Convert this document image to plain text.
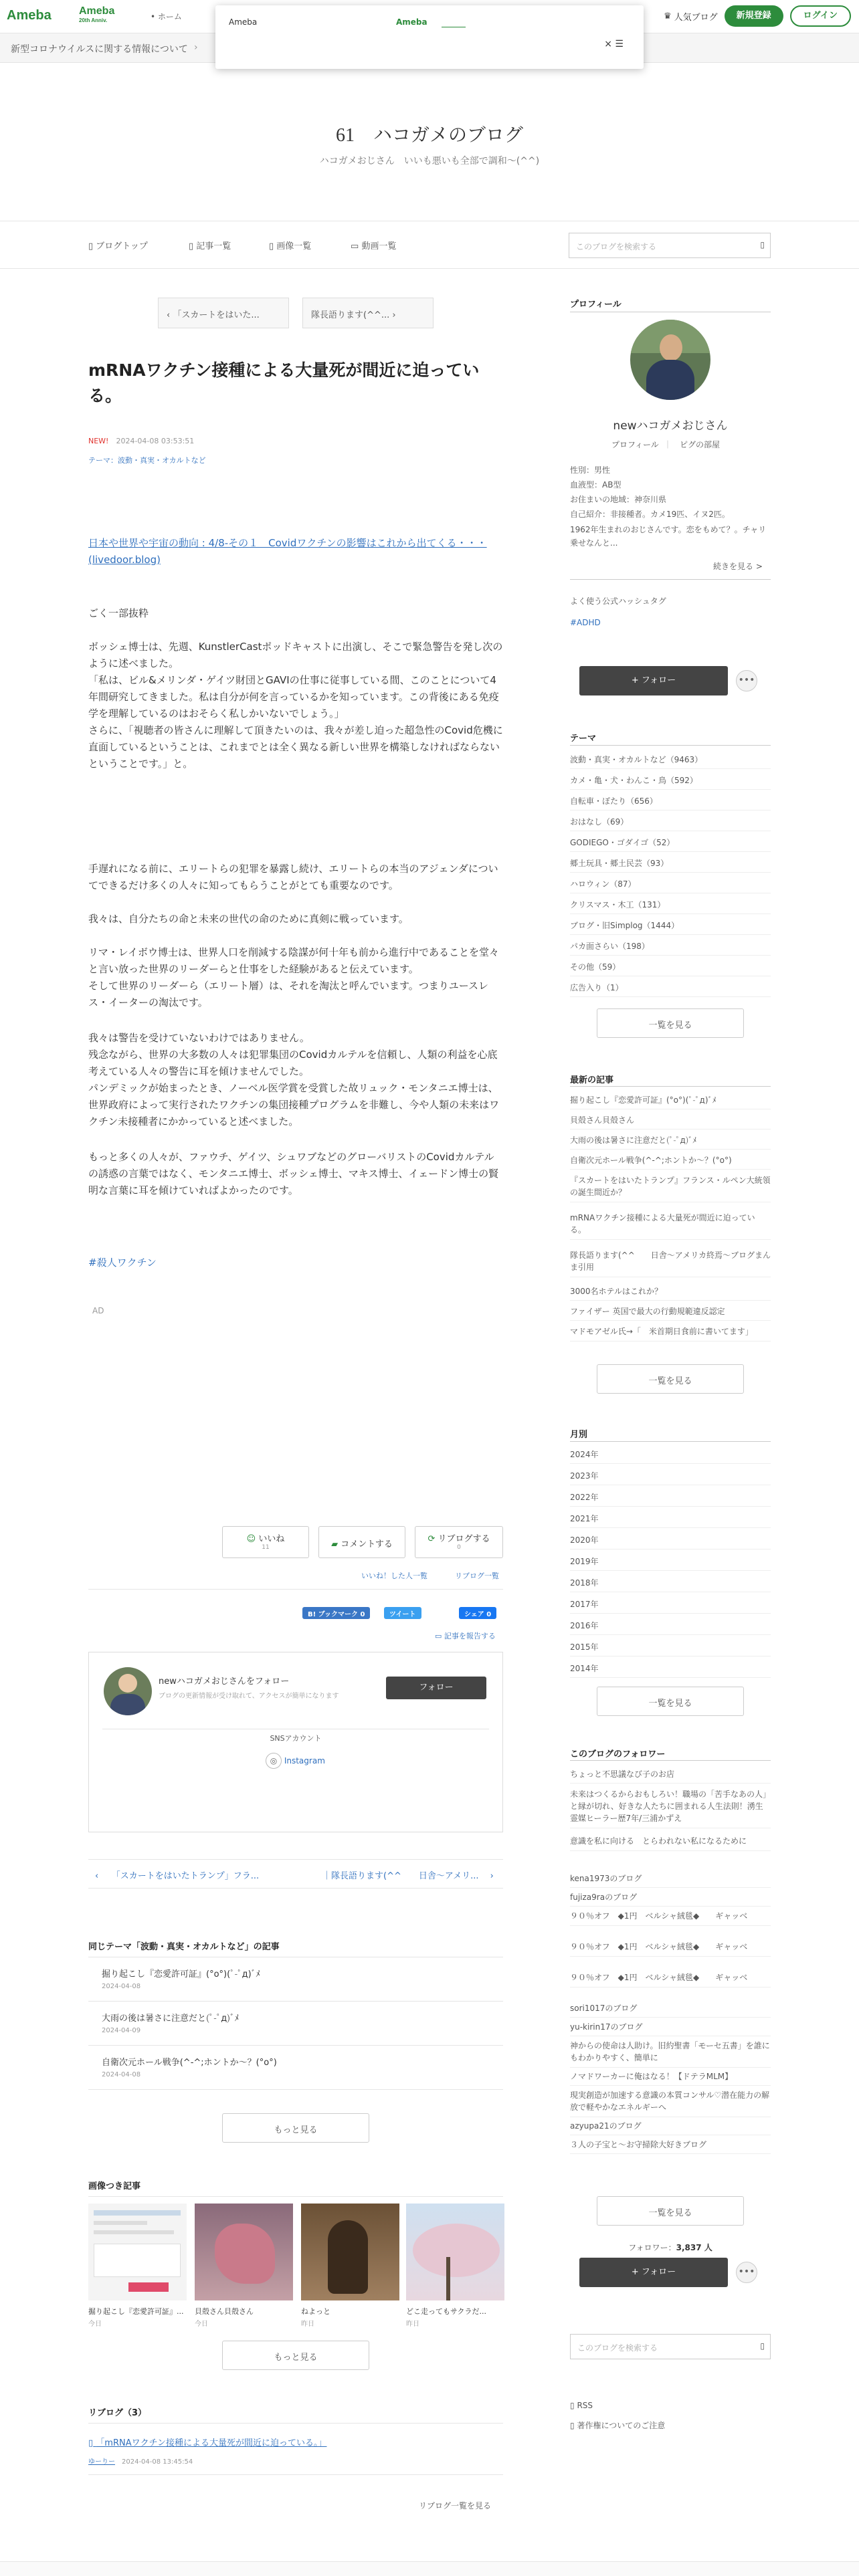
Ameba	Ameba
20th Anniv.	• ホーム	♛ 人気ブログ	新規登録	ログイン
新型コロナウイルスに関する情報について ›
Ameba	Ameba
× ☰
61　ハコガメのブログ
ハコガメおじさん　いいも悪いも全部で調和〜(^^)
▯ ブログトップ	▯ 記事一覧	▯ 画像一覧	▭ 動画一覧	このブログを検索する	▯
‹ 「スカートをはいた...	隊長語ります(^^... ›
mRNAワクチン接種による大量死が間近に迫っている。
NEW!　 2024-04-08 03:53:51
テーマ：波動・真実・オカルトなど

日本や世界や宇宙の動向 : 4/8-その１　Covidワクチンの影響はこれから出てくる・・・ (livedoor.blog)

ごく一部抜粋

ボッシェ博士は、先週、KunstlerCastポッドキャストに出演し、そこで緊急警告を発し次のように述べました。
「私は、ビル&メリンダ・ゲイツ財団とGAVIの仕事に従事している間、このことについて4年間研究してきました。私は自分が何を言っているかを知っています。この背後にある免疫学を理解しているのはおそらく私しかいないでしょう。」
さらに、「視聴者の皆さんに理解して頂きたいのは、我々が差し迫った超急性のCovid危機に直面しているということは、これまでとは全く異なる新しい世界を構築しなければならないということです。」と。

手遅れになる前に、エリートらの犯罪を暴露し続け、エリートらの本当のアジェンダについてできるだけ多くの人々に知ってもらうことがとても重要なのです。

我々は、自分たちの命と未来の世代の命のために真剣に戦っています。

リマ・レイボウ博士は、世界人口を削減する陰謀が何十年も前から進行中であることを堂々と言い放った世界のリーダーらと仕事をした経験があると伝えています。
そして世界のリーダーら（エリート層）は、それを淘汰と呼んでいます。つまりユースレス・イーターの淘汰です。

我々は警告を受けていないわけではありません。
残念ながら、世界の大多数の人々は犯罪集団のCovidカルテルを信頼し、人類の利益を心底考えている人々の警告に耳を傾けませんでした。
パンデミックが始まったとき、ノーベル医学賞を受賞した故リュック・モンタニエ博士は、世界政府によって実行されたワクチンの集団接種プログラムを非難し、今や人類の未来はワクチン未接種者にかかっていると述べました。

もっと多くの人々が、ファウチ、ゲイツ、シュワブなどのグローバリストのCovidカルテルの誘惑の言葉ではなく、モンタニエ博士、ボッシェ博士、マキス博士、イェードン博士の賢明な言葉に耳を傾けていればよかったのです。

#殺人ワクチン
AD
☺ いいね
11	▰ コメントする
⟳ リブログする
0
いいね！した人一覧	リブログ一覧
B! ブックマーク 0	ツイート	シェア 0
▭ 記事を報告する
newハコガメおじさんをフォロー
ブログの更新情報が受け取れて、アクセスが簡単になります
フォロー
SNSアカウント
◎ Instagram
‹　　「スカートをはいたトランプ」フラ...	｜隊長語ります(^^　　日舎〜アメリ...　 ›
同じテーマ「波動・真実・オカルトなど」の記事
掘り起こし『恋愛許可証』(°o°)(ﾟ-ﾟд)ﾞﾒ
2024-04-08
大雨の後は暑さに注意だと(ﾟ-ﾟд)ﾞﾒ
2024-04-09
自衛次元ホール戦争(^-^;ホントか～？(°o°)
2024-04-08
もっと見る
画像つき記事
掘り起こし『恋愛許可証』...
今日
貝殻さん貝殻さん
今日
ねよっと
昨日
どこ走ってもサクラだ...
昨日
もっと見る
リブログ（3）
▯ 「mRNAワクチン接種による大量死が間近に迫っている。」
ゆーりー　 2024-04-08 13:45:54
リブログ一覧を見る
プロフィール
newハコガメおじさん
プロフィール ｜ ピグの部屋
性別：男性
血液型：AB型
お住まいの地域：神奈川県
自己紹介：非接種者。カメ19匹、イヌ2匹。
1962年生まれのおじさんです。恋をもめて？。チャリ乗せなんと...
続きを見る >
よく使う公式ハッシュタグ
#ADHD
+ フォロー	•••
テーマ
波動・真実・オカルトなど（9463）
カメ・亀・犬・わんこ・鳥（592）
自転車・ぼたり（656）
おはなし（69）
GODIEGO・ゴダイゴ（52）
郷土玩具・郷土民芸（93）
ハロウィン（87）
クリスマス・木工（131）
ブログ・旧Simplog（1444）
パカ面さらい（198）
その他（59）
広告入り（1）
一覧を見る
最新の記事
掘り起こし『恋愛許可証』(°o°)(ﾟ-ﾟд)ﾞﾒ
貝殻さん貝殻さん
大雨の後は暑さに注意だと(ﾟ-ﾟд)ﾞﾒ
自衛次元ホール戦争(^-^;ホントか～？(°o°)
『スカートをはいたトランプ』フランス・ルペン大統領の誕生間近か？
mRNAワクチン接種による大量死が間近に迫っている。
隊長語ります(^^　　日舎〜アメリカ終焉〜ブログまんま引用
3000名ホテルはこれか？
ファイザー 英国で最大の行動規範違反認定
マドモアゼル氏→「　米首期日食前に書いてます」
一覧を見る
月別
2024年
2023年
2022年
2021年
2020年
2019年
2018年
2017年
2016年
2015年
2014年
一覧を見る
このブログのフォロワー
ちょっと不思議なび子のお店
未来はつくるからおもしろい！職場の「苦手なあの人」と縁が切れ、好きな人たちに囲まれる人生法則！湧生霊媒ヒーラー歴7年/三浦かずえ
意識を私に向ける　とらわれない私になるために
kena1973のブログ
fujiza9raのブログ
９０％オフ　◆1円　ベルシャ絨毯◆　　ギャッベ
９０％オフ　◆1円　ベルシャ絨毯◆　　ギャッベ
９０％オフ　◆1円　ベルシャ絨毯◆　　ギャッベ
sori1017のブログ
yu-kirin17のブログ
神からの使命は人助け。旧約聖書「モーセ五書」を誰にもわかりやすく、簡単に
ノマドワーカーに俺はなる！【ドテラMLM】
現実創造が加速する意識の本質コンサル♡潜在能力の解放で軽やかなエネルギーへ
azyupa21のブログ
３人の子宝と〜お守掃除大好きブログ
一覧を見る
フォロワー：3,837 人
+ フォロー	•••
このブログを検索する	▯
▯ RSS
▯ 著作権についてのご注意
